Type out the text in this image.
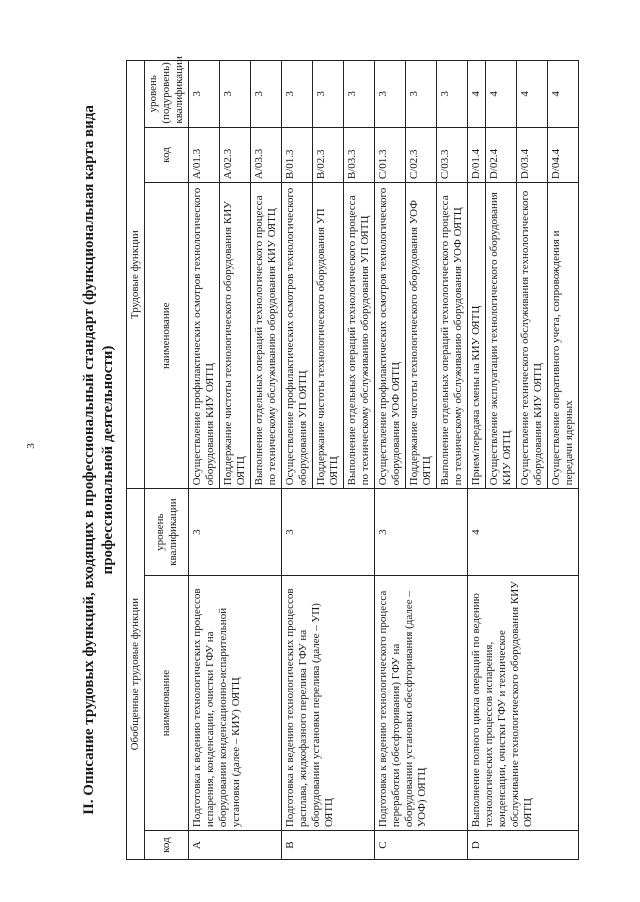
3	II. Описание трудовых функций, входящих в профессиональный стандарт (функциональная карта вида профессиональной деятельности)
Обобщенные трудовые функции			Трудовые функции		
код	наименование	уровень квалификации	наименование	код	уровень (подуровень) квалификации
A	Подготовка к ведению технологических процессов испарения, конденсации, очистки ГФУ на оборудовании конденсационно-испарительной установки (далее – КИУ) ОЯТЦ	3	Осуществление профилактических осмотров технологического оборудования КИУ ОЯТЦ	A/01.3	3
			Поддержание чистоты технологического оборудования КИУ ОЯТЦ	A/02.3	3
			Выполнение отдельных операций технологического процесса по техническому обслуживанию оборудования КИУ ОЯТЦ	A/03.3	3
B	Подготовка к ведению технологических процессов расплава, жидкофазного перелива ГФУ на оборудовании установки перелива (далее – УП) ОЯТЦ	3	Осуществление профилактических осмотров технологического оборудования УП ОЯТЦ	B/01.3	3
			Поддержание чистоты технологического оборудования УП ОЯТЦ	B/02.3	3
			Выполнение отдельных операций технологического процесса по техническому обслуживанию оборудования УП ОЯТЦ	B/03.3	3
C	Подготовка к ведению технологического процесса переработки (обесфторивания) ГФУ на оборудовании установки обесфторивания (далее – УОФ) ОЯТЦ	3	Осуществление профилактических осмотров технологического оборудования УОФ ОЯТЦ	C/01.3	3
			Поддержание чистоты технологического оборудования УОФ ОЯТЦ	C/02.3	3
			Выполнение отдельных операций технологического процесса по техническому обслуживанию оборудования УОФ ОЯТЦ	C/03.3	3
D	Выполнение полного цикла операций по ведению технологических процессов испарения, конденсации, очистки ГФУ и техническое обслуживание технологического оборудования КИУ ОЯТЦ	4	Прием/передача смены на КИУ ОЯТЦ	D/01.4	4
			Осуществление эксплуатации технологического оборудования КИУ ОЯТЦ	D/02.4	4
			Осуществление технического обслуживания технологического оборудования КИУ ОЯТЦ	D/03.4	4
			Осуществление оперативного учета, сопровождения и передачи ядерных	D/04.4	4
